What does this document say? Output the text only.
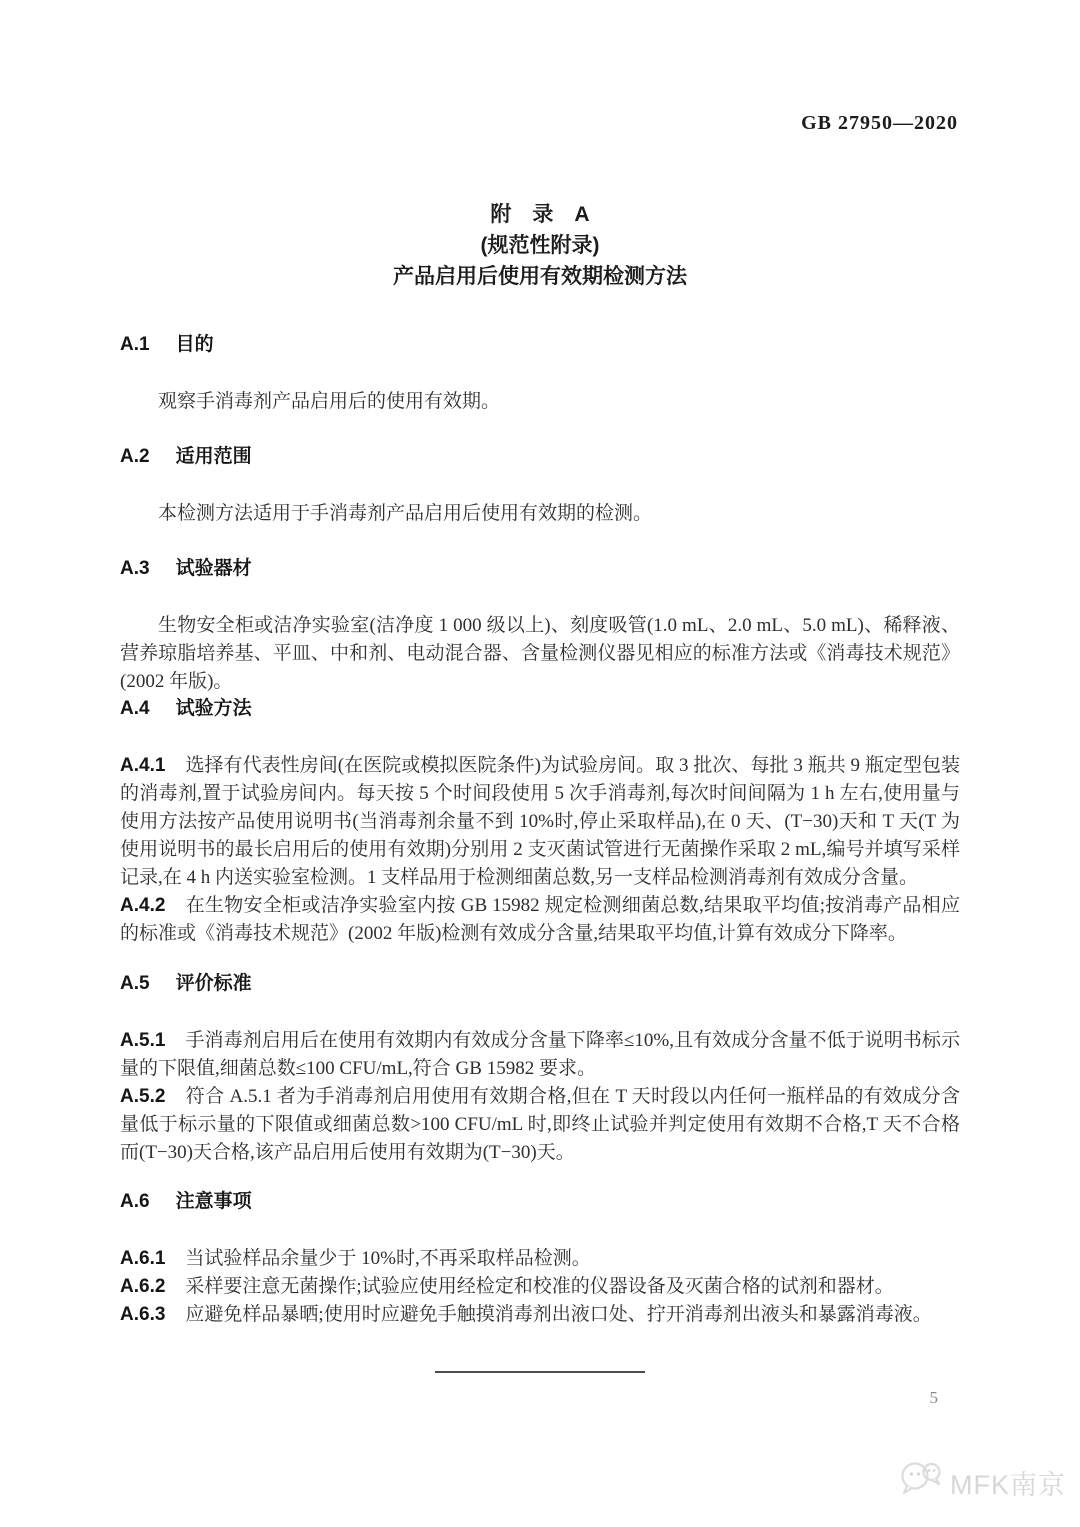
GB 27950—2020
附　录　A
(规范性附录)
产品启用后使用有效期检测方法
A.1 目的

观察手消毒剂产品启用后的使用有效期。

A.2 适用范围

本检测方法适用于手消毒剂产品启用后使用有效期的检测。

A.3 试验器材

生物安全柜或洁净实验室(洁净度 1 000 级以上)、刻度吸管(1.0 mL、2.0 mL、5.0 mL)、稀释液、营养琼脂培养基、平皿、中和剂、电动混合器、含量检测仪器见相应的标准方法或《消毒技术规范》(2002 年版)。

A.4 试验方法

A.4.1 选择有代表性房间(在医院或模拟医院条件)为试验房间。取 3 批次、每批 3 瓶共 9 瓶定型包装的消毒剂,置于试验房间内。每天按 5 个时间段使用 5 次手消毒剂,每次时间间隔为 1 h 左右,使用量与使用方法按产品使用说明书(当消毒剂余量不到 10%时,停止采取样品),在 0 天、(T−30)天和 T 天(T 为使用说明书的最长启用后的使用有效期)分别用 2 支灭菌试管进行无菌操作采取 2 mL,编号并填写采样记录,在 4 h 内送实验室检测。1 支样品用于检测细菌总数,另一支样品检测消毒剂有效成分含量。

A.4.2 在生物安全柜或洁净实验室内按 GB 15982 规定检测细菌总数,结果取平均值;按消毒产品相应的标准或《消毒技术规范》(2002 年版)检测有效成分含量,结果取平均值,计算有效成分下降率。

A.5 评价标准

A.5.1 手消毒剂启用后在使用有效期内有效成分含量下降率≤10%,且有效成分含量不低于说明书标示量的下限值,细菌总数≤100 CFU/mL,符合 GB 15982 要求。

A.5.2 符合 A.5.1 者为手消毒剂启用使用有效期合格,但在 T 天时段以内任何一瓶样品的有效成分含量低于标示量的下限值或细菌总数>100 CFU/mL 时,即终止试验并判定使用有效期不合格,T 天不合格而(T−30)天合格,该产品启用后使用有效期为(T−30)天。

A.6 注意事项

A.6.1 当试验样品余量少于 10%时,不再采取样品检测。

A.6.2 采样要注意无菌操作;试验应使用经检定和校准的仪器设备及灭菌合格的试剂和器材。

A.6.3 应避免样品暴晒;使用时应避免手触摸消毒剂出液口处、拧开消毒剂出液头和暴露消毒液。

5
MFK南京
